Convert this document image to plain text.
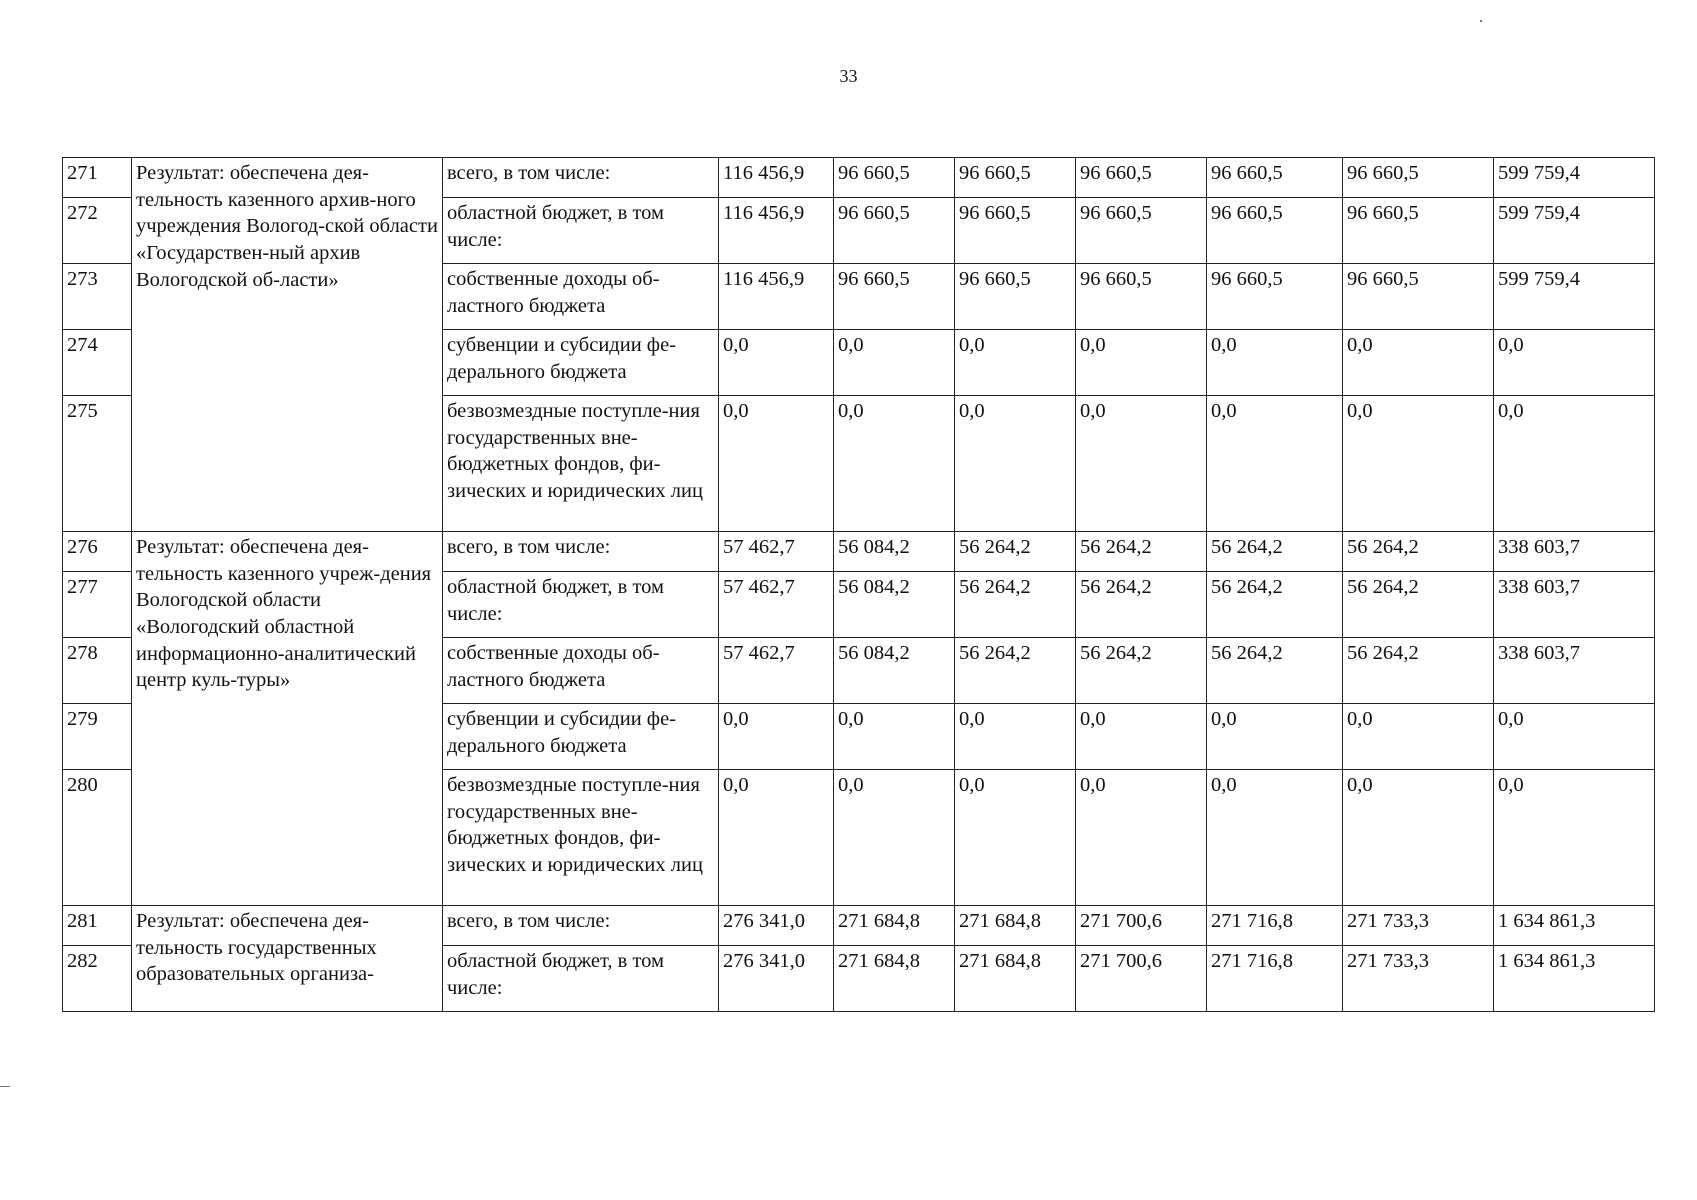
33
271	Результат: обеспечена дея-тельность казенного архив-ного учреждения Вологод-ской области «Государствен-ный архив Вологодской об-ласти»	всего, в том числе:	116 456,9	96 660,5	96 660,5	96 660,5	96 660,5	96 660,5	599 759,4
272		областной бюджет, в том числе:	116 456,9	96 660,5	96 660,5	96 660,5	96 660,5	96 660,5	599 759,4
273		собственные доходы об-ластного бюджета	116 456,9	96 660,5	96 660,5	96 660,5	96 660,5	96 660,5	599 759,4
274		субвенции и субсидии фе-дерального бюджета	0,0	0,0	0,0	0,0	0,0	0,0	0,0
275		безвозмездные поступле-ния государственных вне-бюджетных фондов, фи-зических и юридических лиц	0,0	0,0	0,0	0,0	0,0	0,0	0,0
276	Результат: обеспечена дея-тельность казенного учреж-дения Вологодской области «Вологодский областной информационно-аналитический центр куль-туры»	всего, в том числе:	57 462,7	56 084,2	56 264,2	56 264,2	56 264,2	56 264,2	338 603,7
277		областной бюджет, в том числе:	57 462,7	56 084,2	56 264,2	56 264,2	56 264,2	56 264,2	338 603,7
278		собственные доходы об-ластного бюджета	57 462,7	56 084,2	56 264,2	56 264,2	56 264,2	56 264,2	338 603,7
279		субвенции и субсидии фе-дерального бюджета	0,0	0,0	0,0	0,0	0,0	0,0	0,0
280		безвозмездные поступле-ния государственных вне-бюджетных фондов, фи-зических и юридических лиц	0,0	0,0	0,0	0,0	0,0	0,0	0,0
281	Результат: обеспечена дея-тельность государственных образовательных организа-	всего, в том числе:	276 341,0	271 684,8	271 684,8	271 700,6	271 716,8	271 733,3	1 634 861,3
282		областной бюджет, в том числе:	276 341,0	271 684,8	271 684,8	271 700,6	271 716,8	271 733,3	1 634 861,3
